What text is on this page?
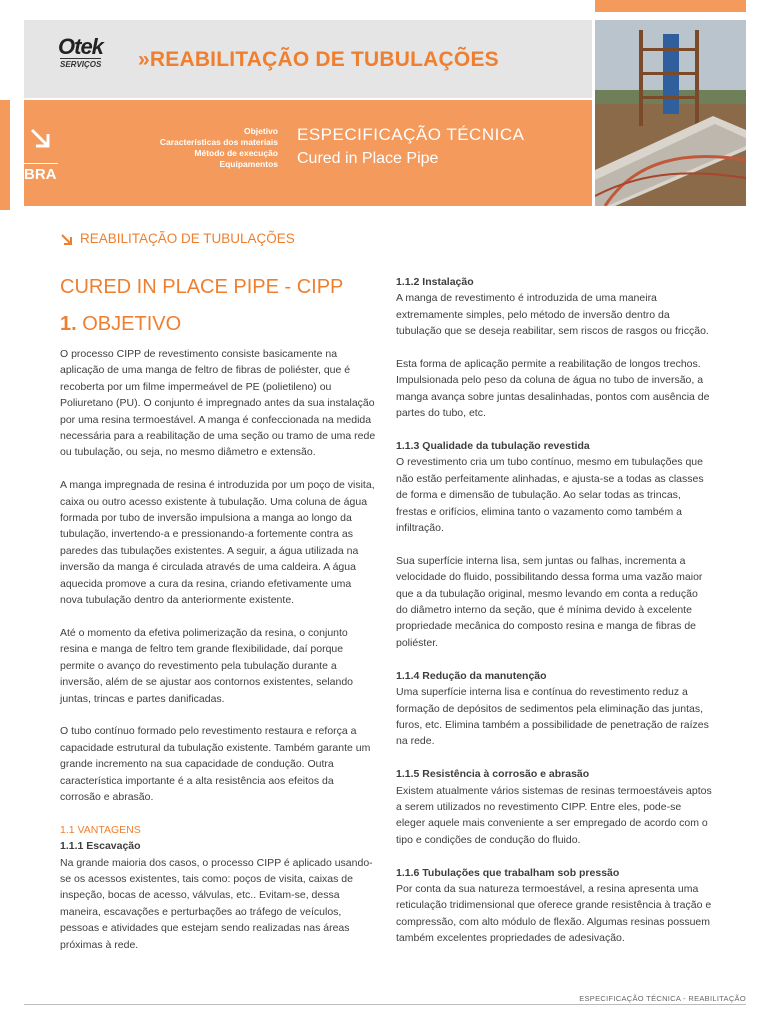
Otek
SERVIÇOS »REABILITAÇÃO DE TUBULAÇÕES
BRA
Objetivo
Características dos materiais
Método de execução
Equipamentos
ESPECIFICAÇÃO TÉCNICA
Cured in Place Pipe
REABILITAÇÃO DE TUBULAÇÕES
CURED IN PLACE PIPE - CIPP
1. OBJETIVO

O processo CIPP de revestimento consiste basicamente na aplicação de uma manga de feltro de fibras de poliéster, que é recoberta por um filme impermeável de PE (polietileno) ou Poliuretano (PU). O conjunto é impregnado antes da sua instalação por uma resina termoestável. A manga é confeccionada na medida necessária para a reabilitação de uma seção ou tramo de uma rede ou tubulação, ou seja, no mesmo diâmetro e extensão.

A manga impregnada de resina é introduzida por um poço de visita, caixa ou outro acesso existente à tubulação. Uma coluna de água formada por tubo de inversão impulsiona a manga ao longo da tubulação, invertendo-a e pressionando-a fortemente contra as paredes das tubulações existentes. A seguir, a água utilizada na inversão da manga é circulada através de uma caldeira. A água aquecida promove a cura da resina, criando efetivamente uma nova tubulação dentro da anteriormente existente.

Até o momento da efetiva polimerização da resina, o conjunto resina e manga de feltro tem grande flexibilidade, daí porque permite o avanço do revestimento pela tubulação durante a inversão, além de se ajustar aos contornos existentes, selando juntas, trincas e partes danificadas.

O tubo contínuo formado pelo revestimento restaura e reforça a capacidade estrutural da tubulação existente. Também garante um grande incremento na sua capacidade de condução. Outra característica importante é a alta resistência aos efeitos da corrosão e abrasão.

1.1 VANTAGENS
1.1.1 Escavação

Na grande maioria dos casos, o processo CIPP é aplicado usando-se os acessos existentes, tais como: poços de visita, caixas de inspeção, bocas de acesso, válvulas, etc.. Evitam-se, dessa maneira, escavações e perturbações ao tráfego de veículos, pessoas e atividades que estejam sendo realizadas nas áreas próximas à rede.

1.1.2 Instalação

A manga de revestimento é introduzida de uma maneira extremamente simples, pelo método de inversão dentro da tubulação que se deseja reabilitar, sem riscos de rasgos ou fricção.

Esta forma de aplicação permite a reabilitação de longos trechos. Impulsionada pelo peso da coluna de água no tubo de inversão, a manga avança sobre juntas desalinhadas, pontos com ausência de partes do tubo, etc.

1.1.3 Qualidade da tubulação revestida

O revestimento cria um tubo contínuo, mesmo em tubulações que não estão perfeitamente alinhadas, e ajusta-se a todas as classes de forma e dimensão de tubulação. Ao selar todas as trincas, frestas e orifícios, elimina tanto o vazamento como também a infiltração.

Sua superfície interna lisa, sem juntas ou falhas, incrementa a velocidade do fluido, possibilitando dessa forma uma vazão maior que a da tubulação original, mesmo levando em conta a redução do diâmetro interno da seção, que é mínima devido à excelente propriedade mecânica do composto resina e manga de fibras de poliéster.

1.1.4 Redução da manutenção

Uma superfície interna lisa e contínua do revestimento reduz a formação de depósitos de sedimentos pela eliminação das juntas, furos, etc. Elimina também a possibilidade de penetração de raízes na rede.

1.1.5 Resistência à corrosão e abrasão

Existem atualmente vários sistemas de resinas termoestáveis aptos a serem utilizados no revestimento CIPP. Entre eles, pode-se eleger aquele mais conveniente a ser empregado de acordo com o tipo e condições de condução do fluido.

1.1.6 Tubulações que trabalham sob pressão

Por conta da sua natureza termoestável, a resina apresenta uma reticulação tridimensional que oferece grande resistência à tração e compressão, com alto módulo de flexão. Algumas resinas possuem também excelentes propriedades de adesivação.

ESPECIFICAÇÃO TÉCNICA - REABILITAÇÃO
